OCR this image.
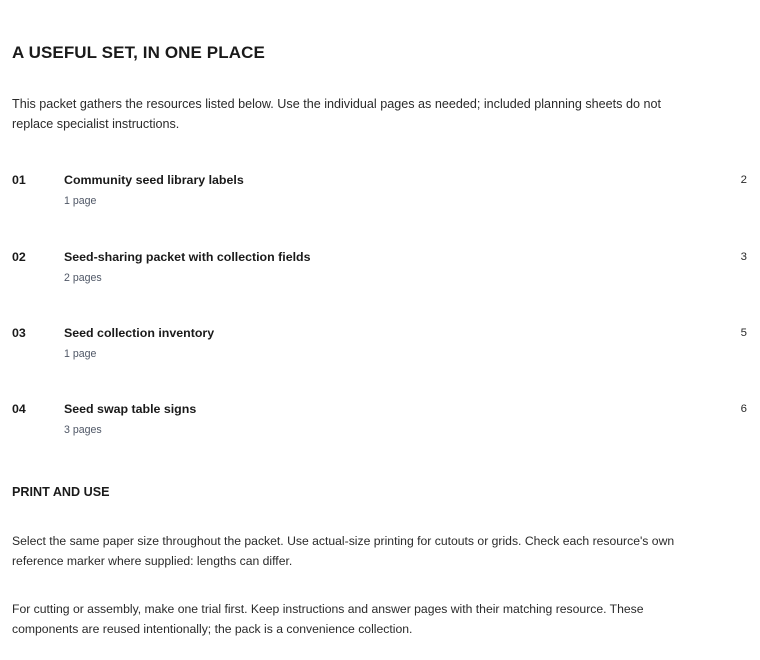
A USEFUL SET, IN ONE PLACE

This packet gathers the resources listed below. Use the individual pages as needed; included planning sheets do not replace specialist instructions.

01	Community seed library labels
1 page
2
02	Seed-sharing packet with collection fields
2 pages
3
03	Seed collection inventory
1 page
5
04	Seed swap table signs
3 pages
6
PRINT AND USE

Select the same paper size throughout the packet. Use actual-size printing for cutouts or grids. Check each resource's own reference marker where supplied: lengths can differ.

For cutting or assembly, make one trial first. Keep instructions and answer pages with their matching resource. These components are reused intentionally; the pack is a convenience collection.
